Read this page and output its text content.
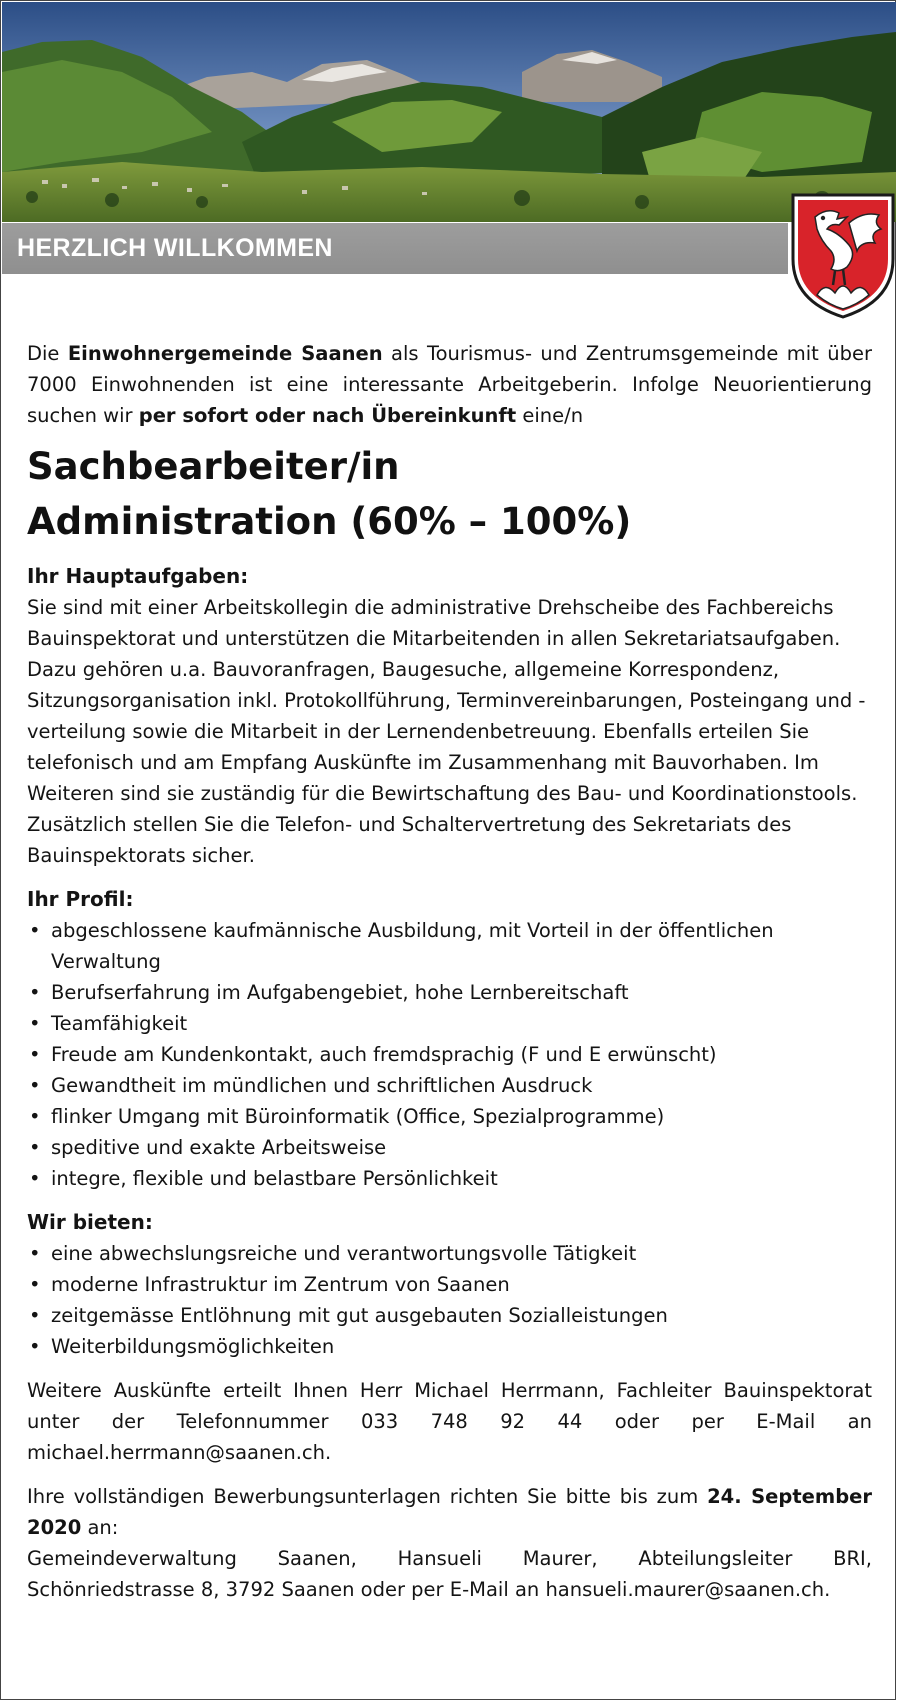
HERZLICH WILLKOMMEN

Die Einwohnergemeinde Saanen als Tourismus- und Zentrumsgemeinde mit über 7000 Einwohnenden ist eine interessante Arbeitgeberin. Infolge Neuorientierung suchen wir per sofort oder nach Übereinkunft eine/n

Sachbearbeiter/in
Administration (60% – 100%)
Ihr Hauptaufgaben:

Sie sind mit einer Arbeitskollegin die administrative Drehscheibe des Fachbereichs Bauinspektorat und unterstützen die Mitarbeitenden in allen Sekretariatsaufgaben. Dazu gehören u.a. Bauvoranfragen, Baugesuche, allgemeine Korrespondenz, Sitzungsorganisation inkl. Protokollführung, Terminvereinbarungen, Posteingang und -verteilung sowie die Mitarbeit in der Lernendenbetreuung. Ebenfalls erteilen Sie telefonisch und am Empfang Auskünfte im Zusammenhang mit Bauvorhaben. Im Weiteren sind sie zuständig für die Bewirtschaftung des Bau- und Koordinationstools. Zusätzlich stellen Sie die Telefon- und Schaltervertretung des Sekretariats des Bauinspektorats sicher.

Ihr Profil:
• abgeschlossene kaufmännische Ausbildung, mit Vorteil in der öffentlichen Verwaltung
• Berufserfahrung im Aufgabengebiet, hohe Lernbereitschaft
• Teamfähigkeit
• Freude am Kundenkontakt, auch fremdsprachig (F und E erwünscht)
• Gewandtheit im mündlichen und schriftlichen Ausdruck
• flinker Umgang mit Büroinformatik (Office, Spezialprogramme)
• speditive und exakte Arbeitsweise
• integre, flexible und belastbare Persönlichkeit
Wir bieten:
• eine abwechslungsreiche und verantwortungsvolle Tätigkeit
• moderne Infrastruktur im Zentrum von Saanen
• zeitgemässe Entlöhnung mit gut ausgebauten Sozialleistungen
• Weiterbildungsmöglichkeiten

Weitere Auskünfte erteilt Ihnen Herr Michael Herrmann, Fachleiter Bauinspektorat unter der Telefonnummer 033 748 92 44 oder per E-Mail an michael.herrmann@saanen.ch.

Ihre vollständigen Bewerbungsunterlagen richten Sie bitte bis zum 24. September 2020 an:
Gemeindeverwaltung Saanen, Hansueli Maurer, Abteilungsleiter BRI, Schönriedstrasse 8, 3792 Saanen oder per E-Mail an hansueli.maurer@saanen.ch.
